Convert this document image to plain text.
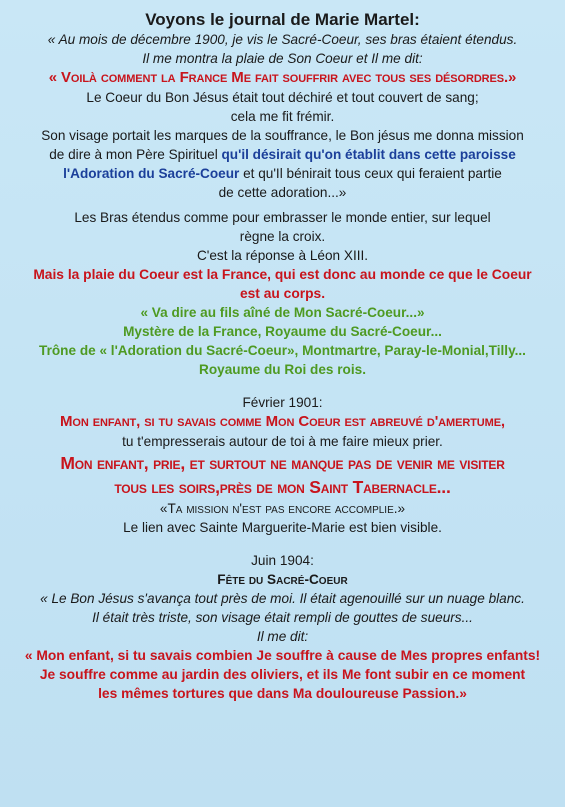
Voyons le journal de Marie Martel:

« Au mois de décembre 1900, je vis le Sacré-Coeur, ses bras étaient étendus.

Il me montra la plaie de Son Coeur et Il me dit:

« Voilà comment la France Me fait souffrir avec tous ses désordres.»

Le Coeur du Bon Jésus était tout déchiré et tout couvert de sang;

cela me fit frémir.

Son visage portait les marques de la souffrance, le Bon jésus me donna mission

de dire à mon Père Spirituel qu'il désirait qu'on établit dans cette paroisse

l'Adoration du Sacré-Coeur et qu'Il bénirait tous ceux qui feraient partie

de cette adoration...»

Les Bras étendus comme pour embrasser le monde entier, sur lequel

règne la croix.

C'est la réponse à Léon XIII.

Mais la plaie du Coeur est la France, qui est donc au monde ce que le Coeur

est au corps.

« Va dire au fils aîné de Mon Sacré-Coeur...»

Mystère de la France, Royaume du Sacré-Coeur...

Trône de « l'Adoration du Sacré-Coeur», Montmartre, Paray-le-Monial,Tilly...

Royaume du Roi des rois.

Février 1901:

Mon enfant, si tu savais comme Mon Coeur est abreuvé d'amertume,

tu t'empresserais autour de toi à me faire mieux prier.

Mon enfant, prie, et surtout ne manque pas de venir me visiter

tous les soirs,près de mon Saint Tabernacle...

«Ta mission n'est pas encore accomplie.»

Le lien avec Sainte Marguerite-Marie est bien visible.

Juin 1904:

Fête du Sacré-Coeur

« Le Bon Jésus s'avança tout près de moi. Il était agenouillé sur un nuage blanc.

Il était très triste, son visage était rempli de gouttes de sueurs...

Il me dit:

« Mon enfant, si tu savais combien Je souffre à cause de Mes propres enfants!

Je souffre comme au jardin des oliviers, et ils Me font subir en ce moment

les mêmes tortures que dans Ma douloureuse Passion.»
